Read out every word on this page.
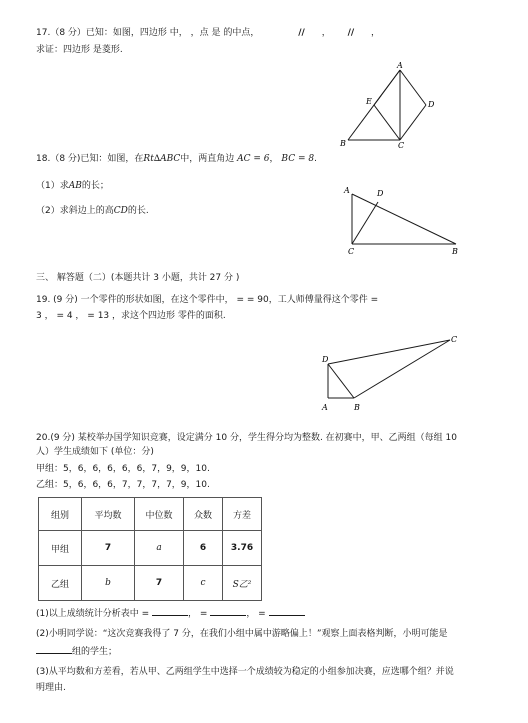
17.（8 分）已知：如图，四边形 中， ，点 是 的中点，	// ， // ，
求证：四边形 是菱形.
A
B	C
D
E
18.（8 分)已知：如图，在Rt∆ABC中，两直角边 AC = 6， BC = 8.
（1）求AB的长；
（2）求斜边上的高CD的长.
A	D
C	B
三、 解答题（二）(本题共计 3 小题，共计 27 分 )
19. (9 分) 一个零件的形状如图，在这个零件中， = = 90，工人师傅量得这个零件 =
3 ， = 4 ， = 13 ，求这个四边形 零件的面积.
D
C
A	B
20.(9 分) 某校举办国学知识竞赛，设定满分 10 分，学生得分均为整数. 在初赛中，甲、乙两组（每组 10
人）学生成绩如下 (单位：分)
甲组：5，6，6，6，6，6，7，9，9，10.
乙组：5，6，6，6，7，7，7，7，9，10.
组别	平均数	中位数	众数	方差
甲组	7	a	6	3.76
乙组	b	7	c	S乙²
(1)以上成绩统计分析表中 =	， =	， =
(2)小明同学说：“这次竞赛我得了 7 分，在我们小组中属中游略偏上！”观察上面表格判断，小明可能是
组的学生；
(3)从平均数和方差看，若从甲、乙两组学生中选择一个成绩较为稳定的小组参加决赛，应选哪个组？并说
明理由.
